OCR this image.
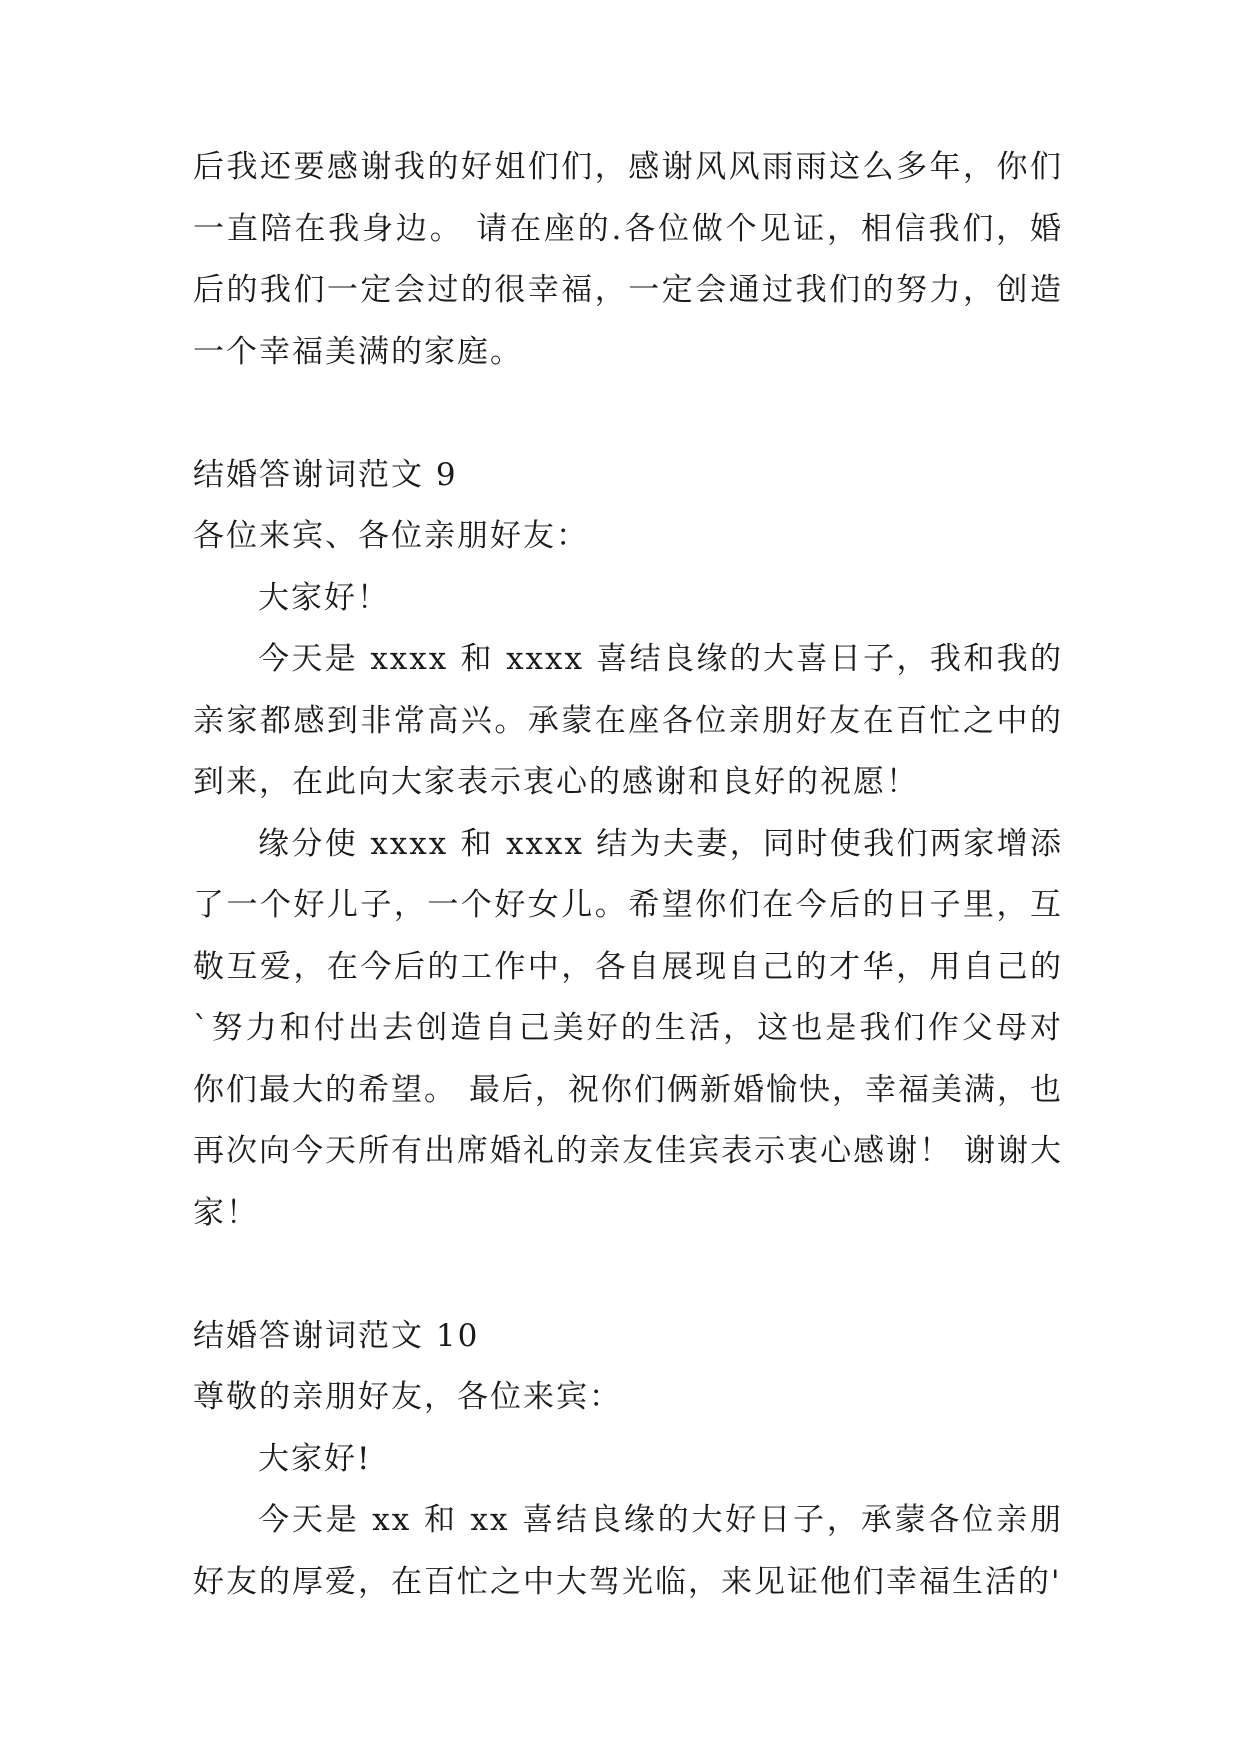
后我还要感谢我的好姐们们，感谢风风雨雨这么多年，你们一直陪在我身边。 请在座的.各位做个见证，相信我们，婚后的我们一定会过的很幸福，一定会通过我们的努力，创造一个幸福美满的家庭。

结婚答谢词范文 9

各位来宾、各位亲朋好友：

大家好！

今天是 xxxx 和 xxxx 喜结良缘的大喜日子，我和我的亲家都感到非常高兴。承蒙在座各位亲朋好友在百忙之中的到来，在此向大家表示衷心的感谢和良好的祝愿！

缘分使 xxxx 和 xxxx 结为夫妻，同时使我们两家增添了一个好儿子，一个好女儿。希望你们在今后的日子里，互敬互爱，在今后的工作中，各自展现自己的才华，用自己的`努力和付出去创造自己美好的生活，这也是我们作父母对你们最大的希望。 最后，祝你们俩新婚愉快，幸福美满，也再次向今天所有出席婚礼的亲友佳宾表示衷心感谢！ 谢谢大家！

结婚答谢词范文 10

尊敬的亲朋好友，各位来宾：

大家好!

今天是 xx 和 xx 喜结良缘的大好日子，承蒙各位亲朋好友的厚爱，在百忙之中大驾光临，来见证他们幸福生活的'
